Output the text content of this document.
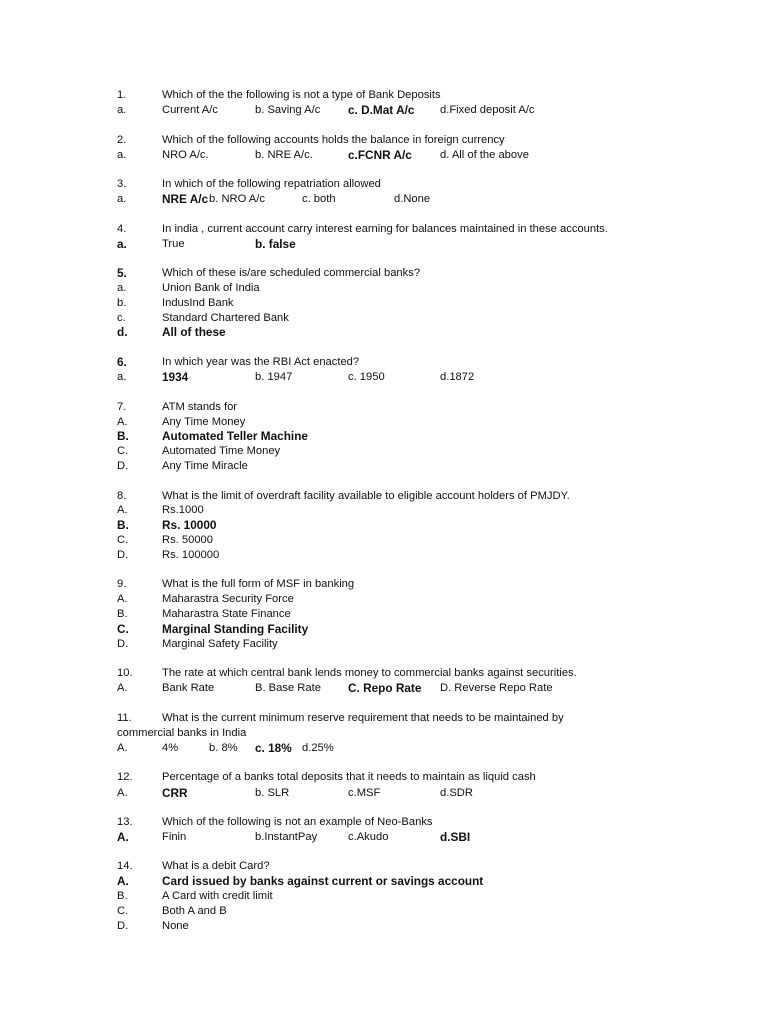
1.	Which of the the following is not a type of Bank Deposits
a.	Current A/c	b. Saving A/c c. D.Mat A/c d.Fixed deposit A/c
2.	Which of the following accounts holds the balance in foreign currency
a.	NRO A/c.	b. NRE A/c.	c.FCNR A/c	d. All of the above
3.	In which of the following repatriation allowed
a.	NRE A/c b. NRO A/c	c. both	d.None
4.	In india , current account carry interest earning for balances maintained in these accounts.
a.	True	b. false
5.	Which of these is/are scheduled commercial banks?
a.	Union Bank of India
b.	IndusInd Bank
c.	Standard Chartered Bank
d.	All of these
6.	In which year was the RBI Act enacted?
a.	1934	b. 1947	c. 1950	d.1872
7.	ATM stands for
A.	Any Time Money
B.	Automated Teller Machine
C.	Automated Time Money
D.	Any Time Miracle
8.	What is the limit of overdraft facility available to eligible account holders of PMJDY.
A.	Rs.1000
B.	Rs. 10000
C.	Rs. 50000
D.	Rs. 100000
9.	What is the full form of MSF in banking
A.	Maharastra Security Force
B.	Maharastra State Finance
C.	Marginal Standing Facility
D.	Marginal Safety Facility
10.	The rate at which central bank lends money to commercial banks against securities.
A.	Bank Rate	B. Base Rate C. Repo Rate D. Reverse Repo Rate
11.	What is the current minimum reserve requirement that needs to be maintained by
commercial banks in India
A.	4%	b. 8% c. 18% d.25%
12.	Percentage of a banks total deposits that it needs to maintain as liquid cash
A.	CRR	b. SLR	c.MSF	d.SDR
13.	Which of the following is not an example of Neo-Banks
A.	Finin	b.InstantPay	c.Akudo	d.SBI
14.	What is a debit Card?
A.	Card issued by banks against current or savings account
B.	A Card with credit limit
C.	Both A and B
D.	None
